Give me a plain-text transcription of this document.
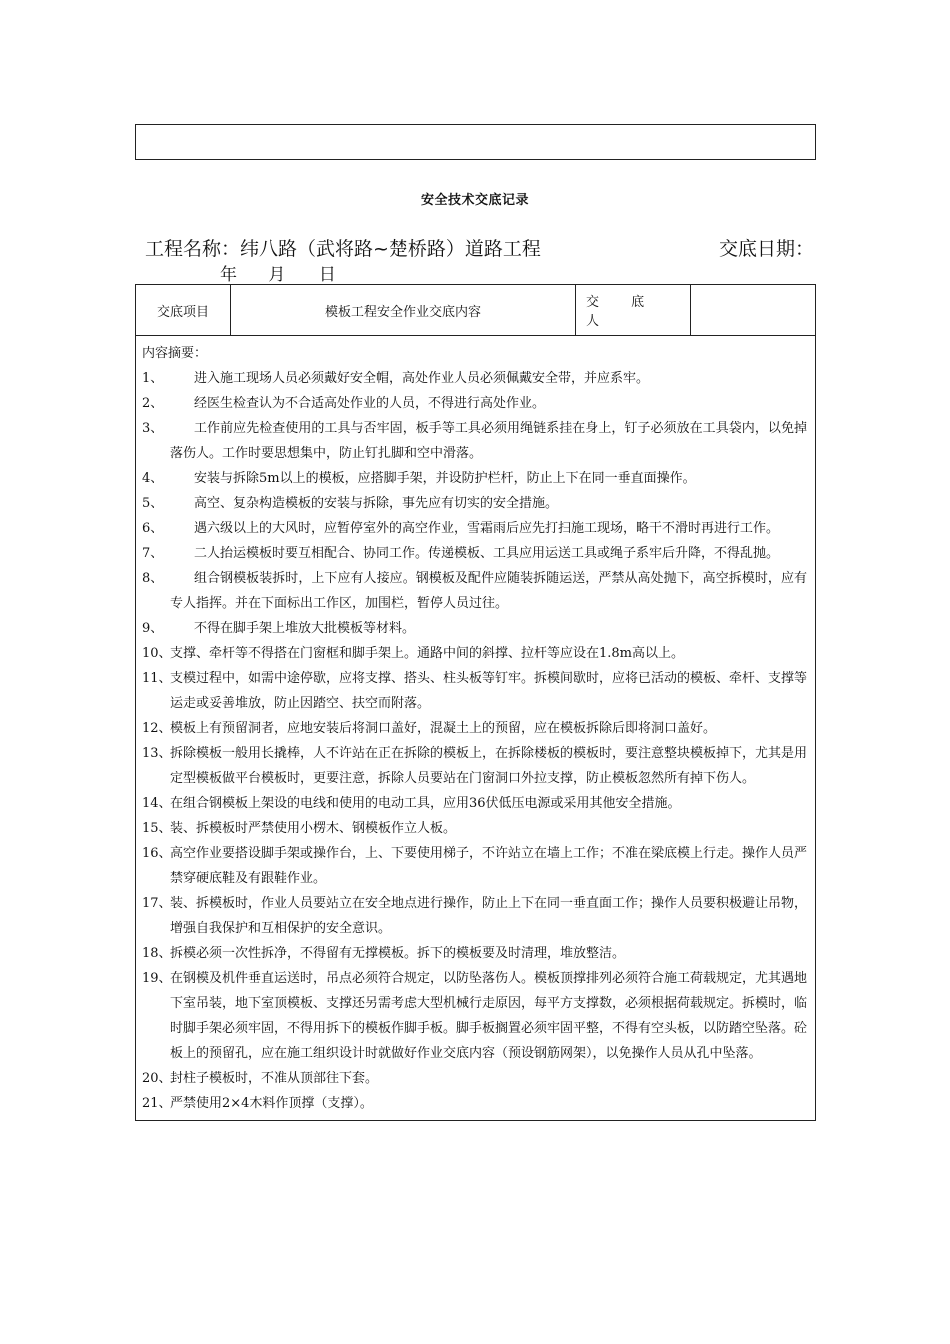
安全技术交底记录
工程名称：纬八路（武将路~楚桥路）道路工程	交底日期：
年 月 日
交底项目	模板工程安全作业交底内容	交 底 人	

内容摘要：
1、	进入施工现场人员必须戴好安全帽，高处作业人员必须佩戴安全带，并应系牢。
2、	经医生检查认为不合适高处作业的人员，不得进行高处作业。
3、	工作前应先检查使用的工具与否牢固，板手等工具必须用绳链系挂在身上，钉子必须放在工具袋内，以免掉落伤人。工作时要思想集中，防止钉扎脚和空中滑落。
4、	安装与拆除5m以上的模板，应搭脚手架，并设防护栏杆，防止上下在同一垂直面操作。
5、	高空、复杂构造模板的安装与拆除，事先应有切实的安全措施。
6、	遇六级以上的大风时，应暂停室外的高空作业，雪霜雨后应先打扫施工现场，略干不滑时再进行工作。
7、	二人抬运模板时要互相配合、协同工作。传递模板、工具应用运送工具或绳子系牢后升降，不得乱抛。
8、	组合钢模板装拆时，上下应有人接应。钢模板及配件应随装拆随运送，严禁从高处抛下，高空拆模时，应有专人指挥。并在下面标出工作区，加围栏，暂停人员过往。
9、	不得在脚手架上堆放大批模板等材料。
10、
支撑、牵杆等不得搭在门窗框和脚手架上。通路中间的斜撑、拉杆等应设在1.8m高以上。
11、
支模过程中，如需中途停歇，应将支撑、搭头、柱头板等钉牢。拆模间歇时，应将已活动的模板、牵杆、支撑等运走或妥善堆放，防止因踏空、扶空而附落。
12、
模板上有预留洞者，应地安装后将洞口盖好，混凝土上的预留，应在模板拆除后即将洞口盖好。
13、
拆除模板一般用长撬棒，人不许站在正在拆除的模板上，在拆除楼板的模板时，要注意整块模板掉下，尤其是用定型模板做平台模板时，更要注意，拆除人员要站在门窗洞口外拉支撑，防止模板忽然所有掉下伤人。
14、
在组合钢模板上架设的电线和使用的电动工具，应用36伏低压电源或采用其他安全措施。
15、
装、拆模板时严禁使用小楞木、钢模板作立人板。
16、
高空作业要搭设脚手架或操作台，上、下要使用梯子，不许站立在墙上工作；不准在梁底模上行走。操作人员严禁穿硬底鞋及有跟鞋作业。
17、
装、拆模板时，作业人员要站立在安全地点进行操作，防止上下在同一垂直面工作；操作人员要积极避让吊物，增强自我保护和互相保护的安全意识。
18、
拆模必须一次性拆净，不得留有无撑模板。拆下的模板要及时清理，堆放整洁。
19、
在钢模及机件垂直运送时，吊点必须符合规定，以防坠落伤人。模板顶撑排列必须符合施工荷载规定，尤其遇地下室吊装，地下室顶模板、支撑还另需考虑大型机械行走原因，每平方支撑数，必须根据荷载规定。拆模时，临时脚手架必须牢固，不得用拆下的模板作脚手板。脚手板搁置必须牢固平整，不得有空头板，以防踏空坠落。砼板上的预留孔，应在施工组织设计时就做好作业交底内容（预设钢筋网架），以免操作人员从孔中坠落。
20、
封柱子模板时，不准从顶部往下套。
21、
严禁使用2×4木料作顶撑（支撑）。
